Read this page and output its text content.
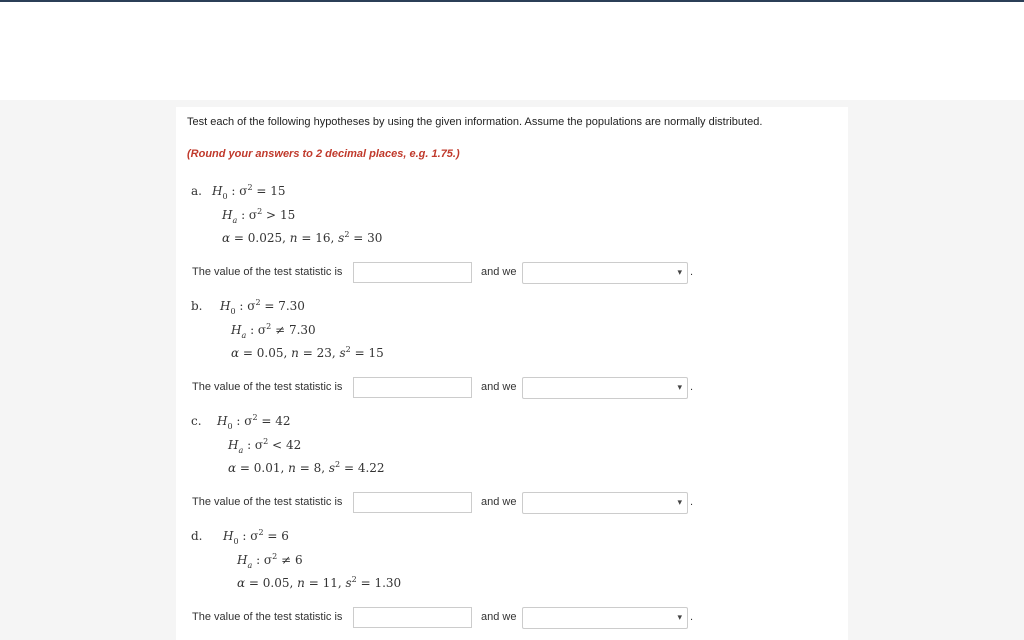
Test each of the following hypotheses by using the given information. Assume the populations are normally distributed.
(Round your answers to 2 decimal places, e.g. 1.75.)
a. $H_0$ : $\sigma^2 = 15$
$H_a$ : $\sigma^2 > 15$
α = 0.025, n = 16, $s^2 = 30$
The value of the test statistic is	and we	▾ .
b. $H_0$ : $\sigma^2 = 7.30$
$H_a$ : $\sigma^2 \ne 7.30$
α = 0.05, n = 23, $s^2 = 15$
The value of the test statistic is	and we	▾ .
c. $H_0$ : $\sigma^2 = 42$
$H_a$ : $\sigma^2 < 42$
α = 0.01, n = 8, $s^2 = 4.22$
The value of the test statistic is	and we	▾ .
d. $H_0$ : $\sigma^2 = 6$
$H_a$ : $\sigma^2 \ne 6$
α = 0.05, n = 11, $s^2 = 1.30$
The value of the test statistic is	and we	▾ .
